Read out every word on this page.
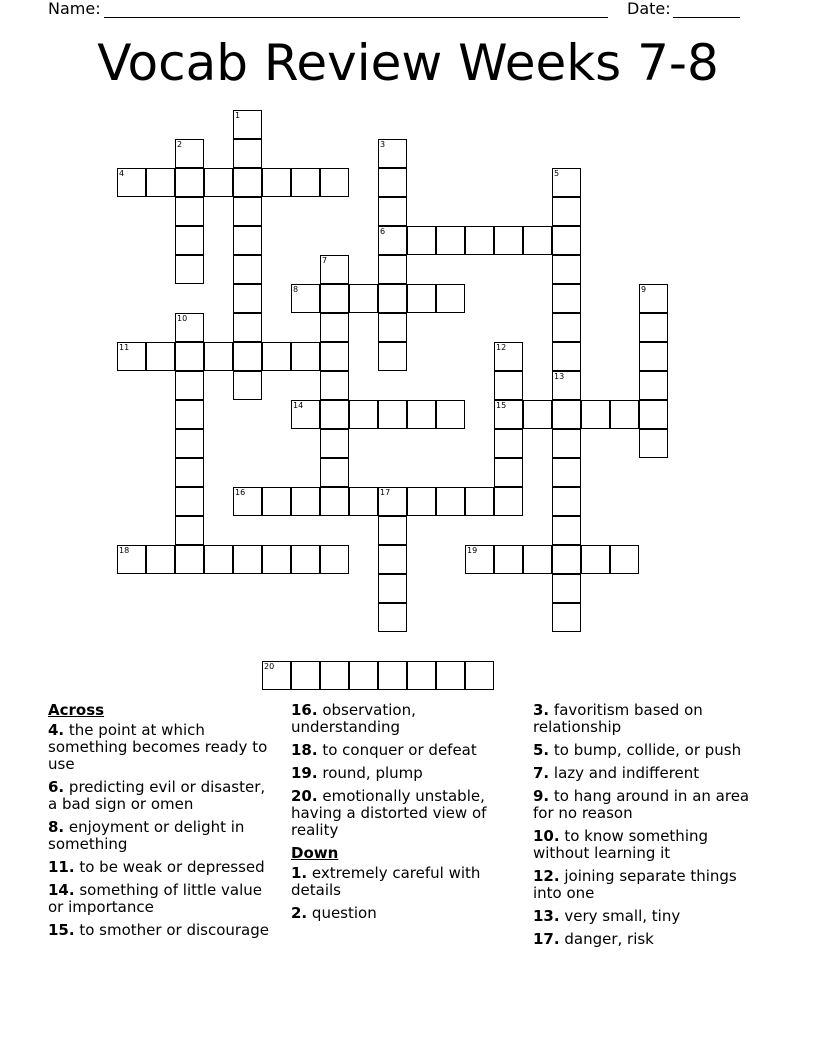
Name:	Date:
Vocab Review Weeks 7-8
1
2	3
6
4	5
7
8	9
10
11	12
15
13
14
16	17
18	19
20
Across
4. the point at which something becomes ready to use
6. predicting evil or disaster, a bad sign or omen
8. enjoyment or delight in something
11. to be weak or depressed
14. something of little value or importance
15. to smother or discourage
16. observation, understanding
18. to conquer or defeat
19. round, plump
20. emotionally unstable, having a distorted view of reality
Down
1. extremely careful with details
2. question
3. favoritism based on relationship
5. to bump, collide, or push
7. lazy and indifferent
9. to hang around in an area for no reason
10. to know something without learning it
12. joining separate things into one
13. very small, tiny
17. danger, risk
